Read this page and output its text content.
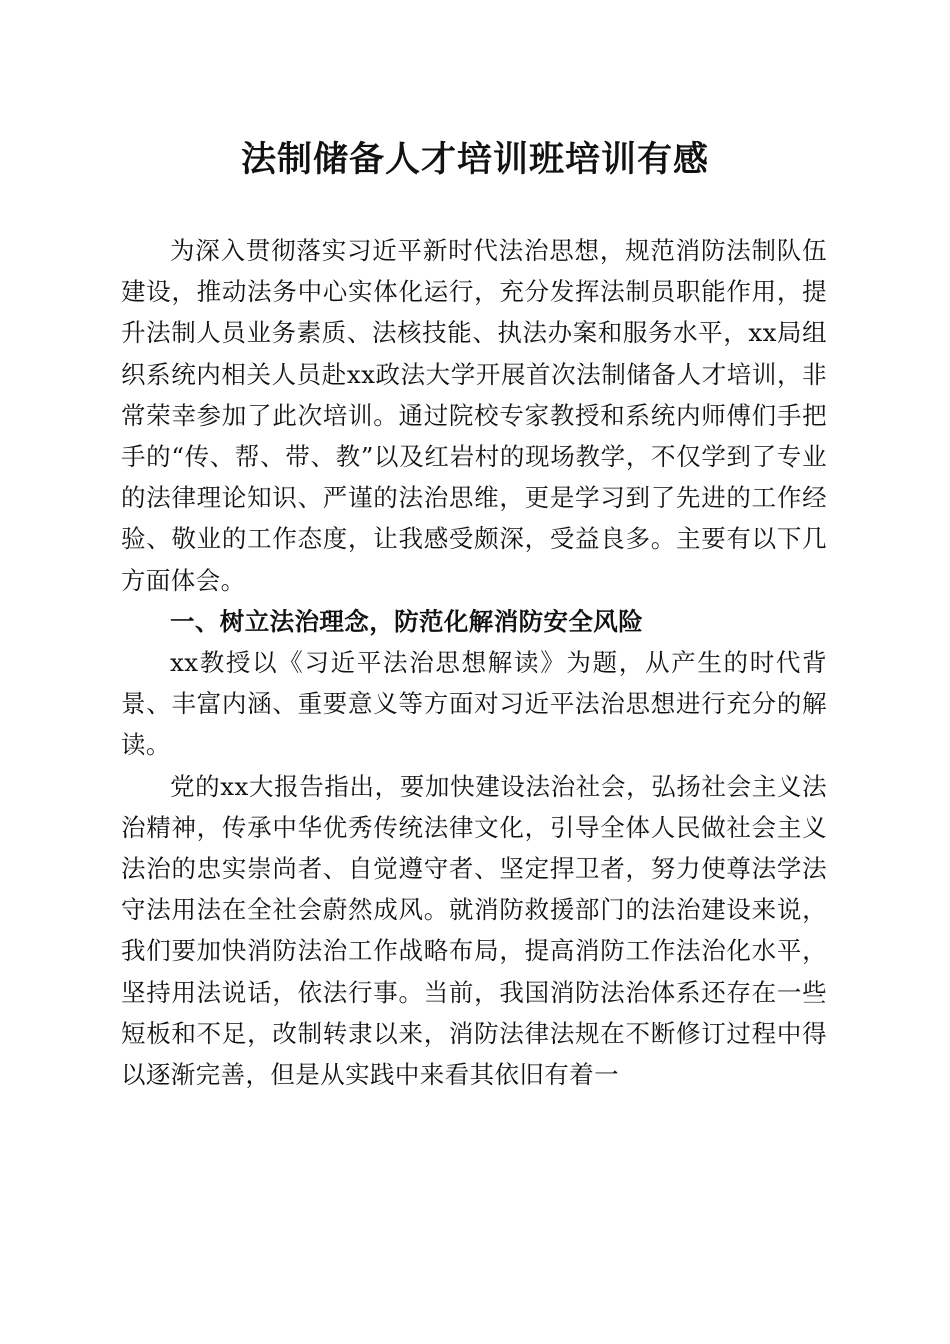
法制储备人才培训班培训有感

为深入贯彻落实习近平新时代法治思想，规范消防法制队伍建设，推动法务中心实体化运行，充分发挥法制员职能作用，提升法制人员业务素质、法核技能、执法办案和服务水平，xx局组织系统内相关人员赴xx政法大学开展首次法制储备人才培训，非常荣幸参加了此次培训。通过院校专家教授和系统内师傅们手把手的“传、帮、带、教”以及红岩村的现场教学，不仅学到了专业的法律理论知识、严谨的法治思维，更是学习到了先进的工作经验、敬业的工作态度，让我感受颇深，受益良多。主要有以下几方面体会。

一、树立法治理念，防范化解消防安全风险

xx教授以《习近平法治思想解读》为题，从产生的时代背景、丰富内涵、重要意义等方面对习近平法治思想进行充分的解读。

党的xx大报告指出，要加快建设法治社会，弘扬社会主义法治精神，传承中华优秀传统法律文化，引导全体人民做社会主义法治的忠实崇尚者、自觉遵守者、坚定捍卫者，努力使尊法学法守法用法在全社会蔚然成风。就消防救援部门的法治建设来说，我们要加快消防法治工作战略布局，提高消防工作法治化水平，坚持用法说话，依法行事。当前，我国消防法治体系还存在一些短板和不足，改制转隶以来，消防法律法规在不断修订过程中得以逐渐完善，但是从实践中来看其依旧有着一
